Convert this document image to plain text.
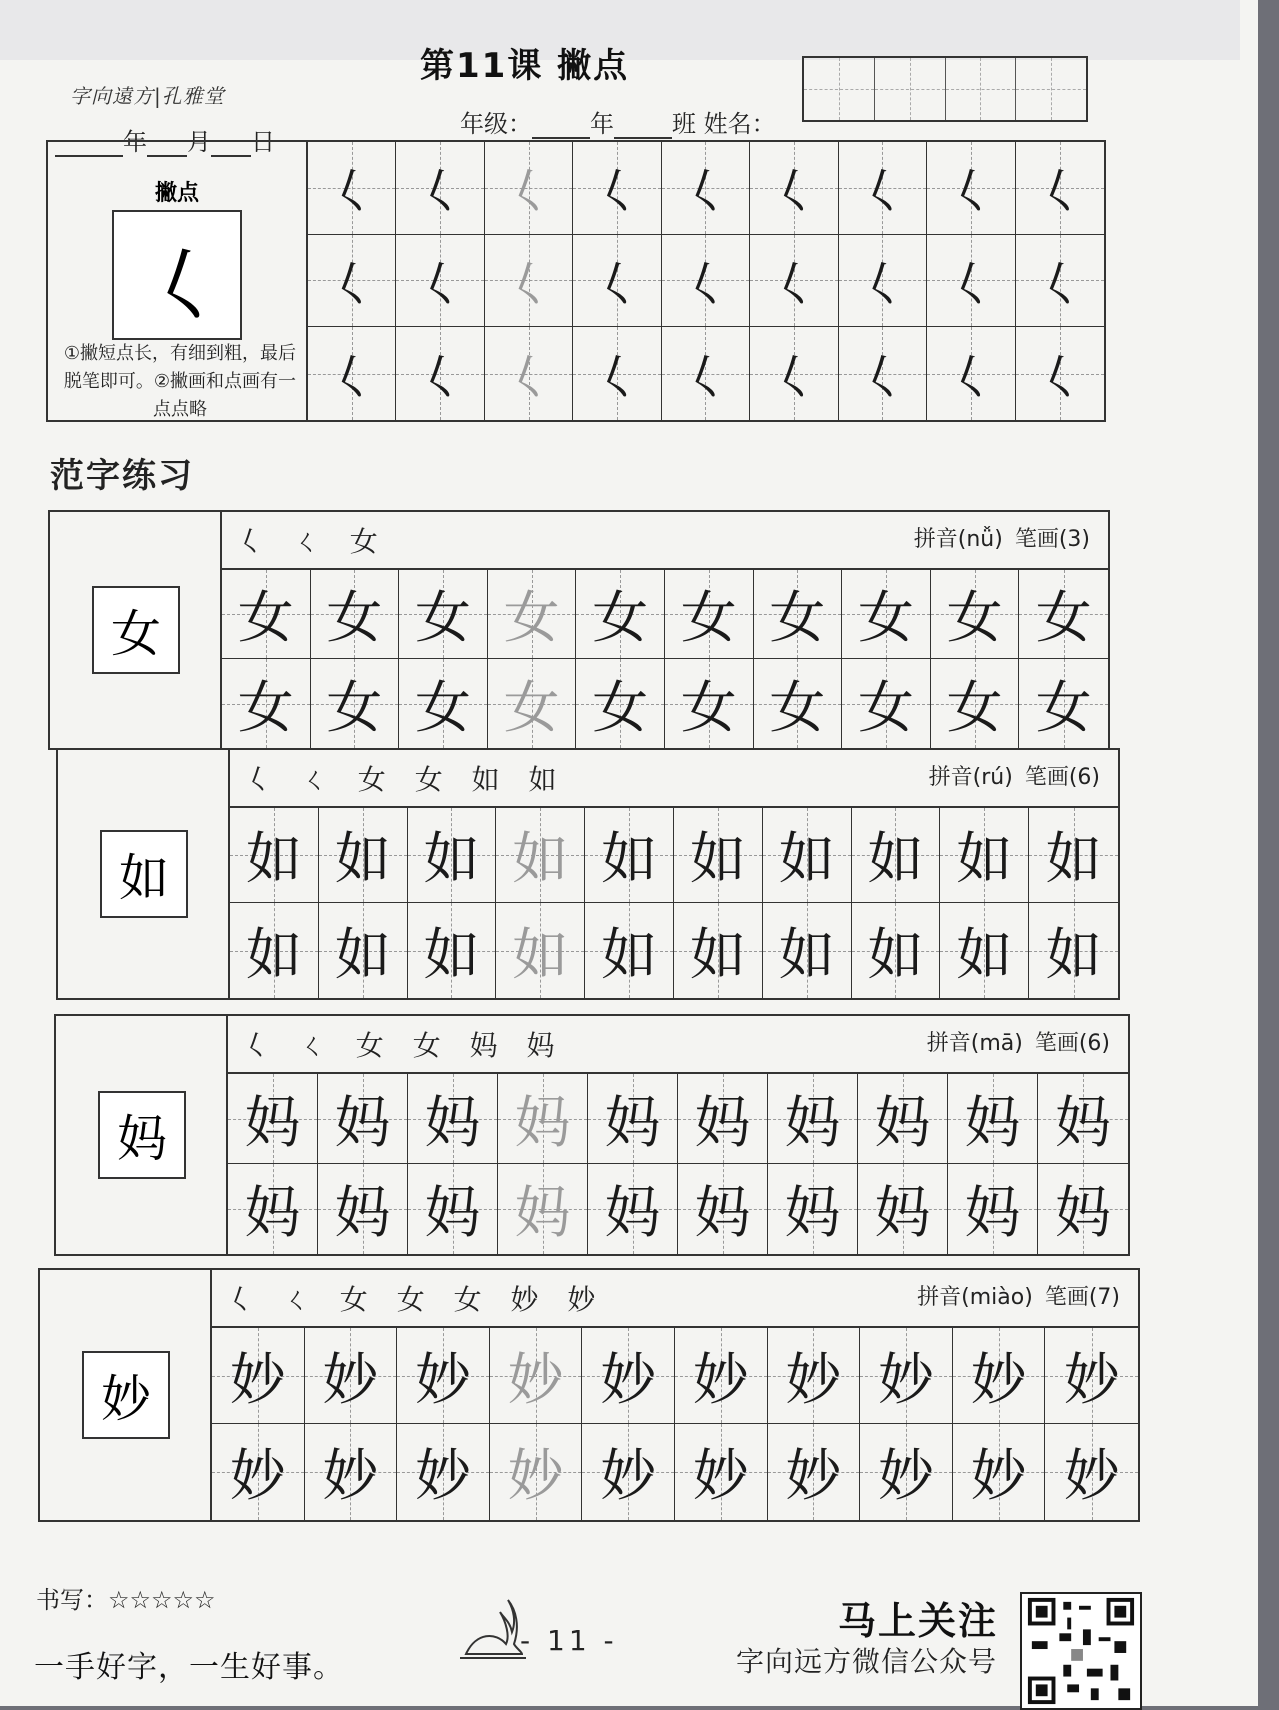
字向遠方|孔雅堂
第11课 撇点
年 月 日
年级： 年 班 姓名：
撇点
𡿨
①撇短点长，有细到粗，最后脱笔即可。②撇画和点画有一点点略
𡿨 𡿨 𡿨 𡿨 𡿨 𡿨 𡿨 𡿨 𡿨
𡿨 𡿨 𡿨 𡿨 𡿨 𡿨 𡿨 𡿨 𡿨
𡿨 𡿨 𡿨 𡿨 𡿨 𡿨 𡿨 𡿨 𡿨
范字练习
女
𡿨 ㄑ 女	拼音(nǚ) 笔画(3)
女 女 女 女 女 女 女 女 女 女
女 女 女 女 女 女 女 女 女 女
如
𡿨 ㄑ 女 女 如 如	拼音(rú) 笔画(6)
如 如 如 如 如 如 如 如 如 如
如 如 如 如 如 如 如 如 如 如
妈
𡿨 ㄑ 女 女 妈 妈	拼音(mā) 笔画(6)
妈 妈 妈 妈 妈 妈 妈 妈 妈 妈
妈 妈 妈 妈 妈 妈 妈 妈 妈 妈
妙
𡿨 ㄑ 女 女 女 妙 妙	拼音(miào) 笔画(7)
妙 妙 妙 妙 妙 妙 妙 妙 妙 妙
妙 妙 妙 妙 妙 妙 妙 妙 妙 妙
书写：☆☆☆☆☆
一手好字，一生好事。
- 11 -	马上关注
字向远方微信公众号
